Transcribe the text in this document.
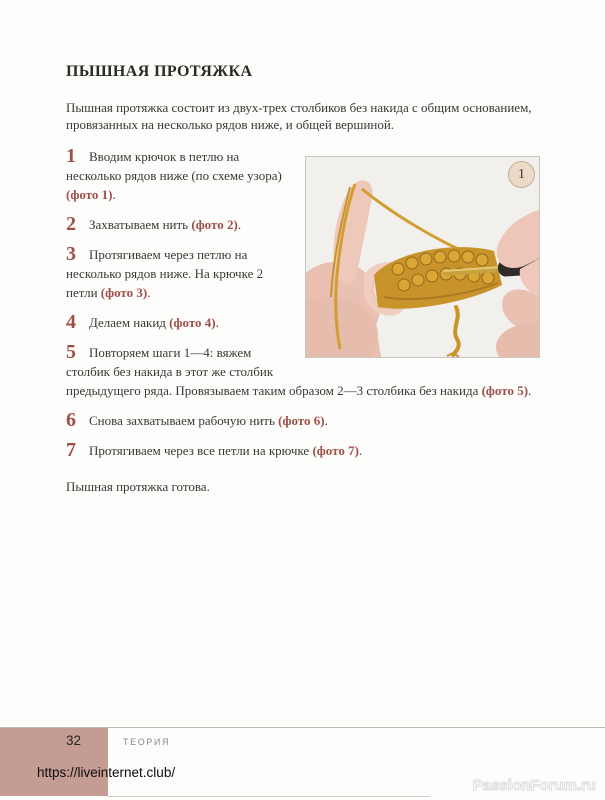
ПЫШНАЯ ПРОТЯЖКА

Пышная протяжка состоит из двух-трех столбиков без накида с общим основанием, провязанных на несколько рядов ниже, и общей вершиной.

1

1 Вводим крючок в петлю на несколько рядов ниже (по схеме узора) (фото 1).

2 Захватываем нить (фото 2).

3 Протягиваем через петлю на несколько рядов ниже. На крючке 2 петли (фото 3).

4 Делаем накид (фото 4).

5 Повторяем шаги 1—4: вяжем столбик без накида в этот же столбик предыдущего ряда. Провязываем таким образом 2—3 столбика без накида (фото 5).

6 Снова захватываем рабочую нить (фото 6).

7 Протягиваем через все петли на крючке (фото 7).

Пышная протяжка готова.

32	ТЕОРИЯ
https://liveinternet.club/
PassionForum.ru
